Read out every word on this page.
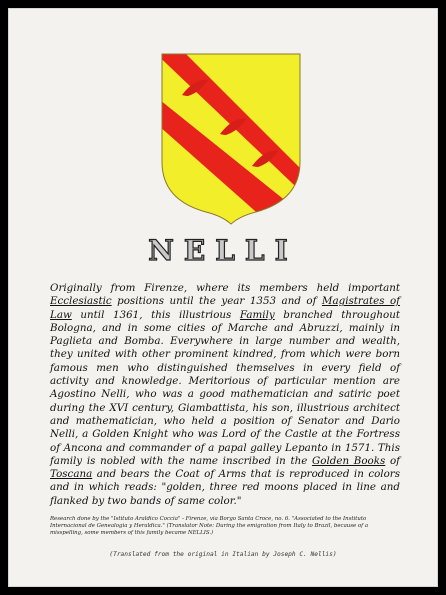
NELLI
Originally from Firenze, where its members held important Ecclesiastic positions until the year 1353 and of Magistrates of Law until 1361, this illustrious Family branched throughout Bologna, and in some cities of Marche and Abruzzi, mainly in Paglieta and Bomba. Everywhere in large number and wealth, they united with other prominent kindred, from which were born famous men who distinguished themselves in every field of activity and knowledge. Meritorious of particular mention are Agostino Nelli, who was a good mathematician and satiric poet during the XVI century, Giambattista, his son, illustrious architect and mathematician, who held a position of Senator and Dario Nelli, a Golden Knight who was Lord of the Castle at the Fortress of Ancona and commander of a papal galley Lepanto in 1571. This family is nobled with the name inscribed in the Golden Books of Toscana and bears the Coat of Arms that is reproduced in colors and in which reads: "golden, three red moons placed in line and flanked by two bands of same color."
Research done by the "Istituto Araldico Coccia" - Firenze, via Borgo Santa Croce, no. 6. "Associated to the Instituto Internacional de Genealogia y Heraldica." (Translator Note: During the emigration from Italy to Brazil, because of a misspelling, some members of this family became NELLIS.)
(Translated from the original in Italian by Joseph C. Nellis)
